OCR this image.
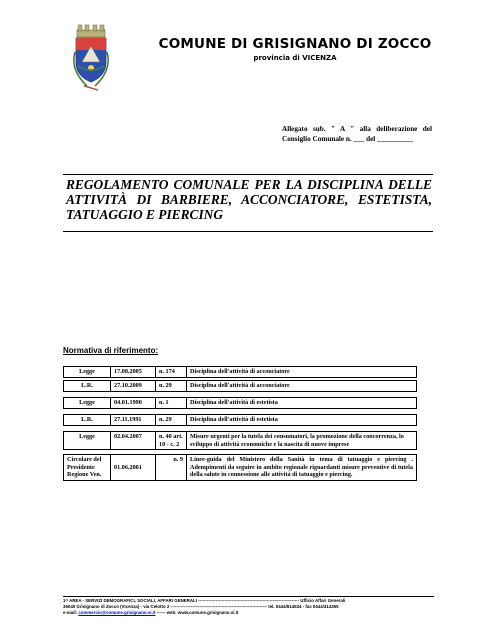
COMUNE DI GRISIGNANO DI ZOCCO
provincia di VICENZA
Allegato sub. " A " alla deliberazione del
Consiglio Comunale n. ___ del __________
REGOLAMENTO COMUNALE PER LA DISCIPLINA DELLE ATTIVITÀ DI BARBIERE, ACCONCIATORE, ESTETISTA, TATUAGGIO E PIERCING
Normativa di riferimento:
Legge	17.08.2005	n. 174	Disciplina dell'attività di acconciatore
L.R.	27.10.2009	n. 29	Disciplina dell'attività di acconciatore
Legge	04.01.1990	n. 1	Disciplina dell'attività di estetista
L.R.	27.11.1991	n. 29	Disciplina dell'attività di estetista
Legge	02.04.2007	n. 40 art. 10 - c. 2	Misure urgenti per la tutela dei consumatori, la promozione della concorrenza, lo sviluppo di attività economiche e la nascita di nuove imprese
Circolare del Presidente Regione Ven.	01.06.2001	n. 9	Linee-guida del Ministero della Sanità in tema di tatuaggio e piercing . Adempimenti da seguire in ambito regionale riguardanti misure preventive di tutela della salute in connessione alle attività di tatuaggio e piercing.
1^ AREA - SERVIZI DEMOGRAFICI, SOCIALI, AFFARI GENERALI --------------------------------------------------------------------- Ufficio Affari Generali
36040 Grisignano di Zocco (Vicenza) - via Celotto 2 ------------------------------------------------------------------ tel. 0444/614534 - fax 0444/414355
e-mail: commercio@comune.grisignano.vi.it ------ web: www.comune.grisignano.vi.it
